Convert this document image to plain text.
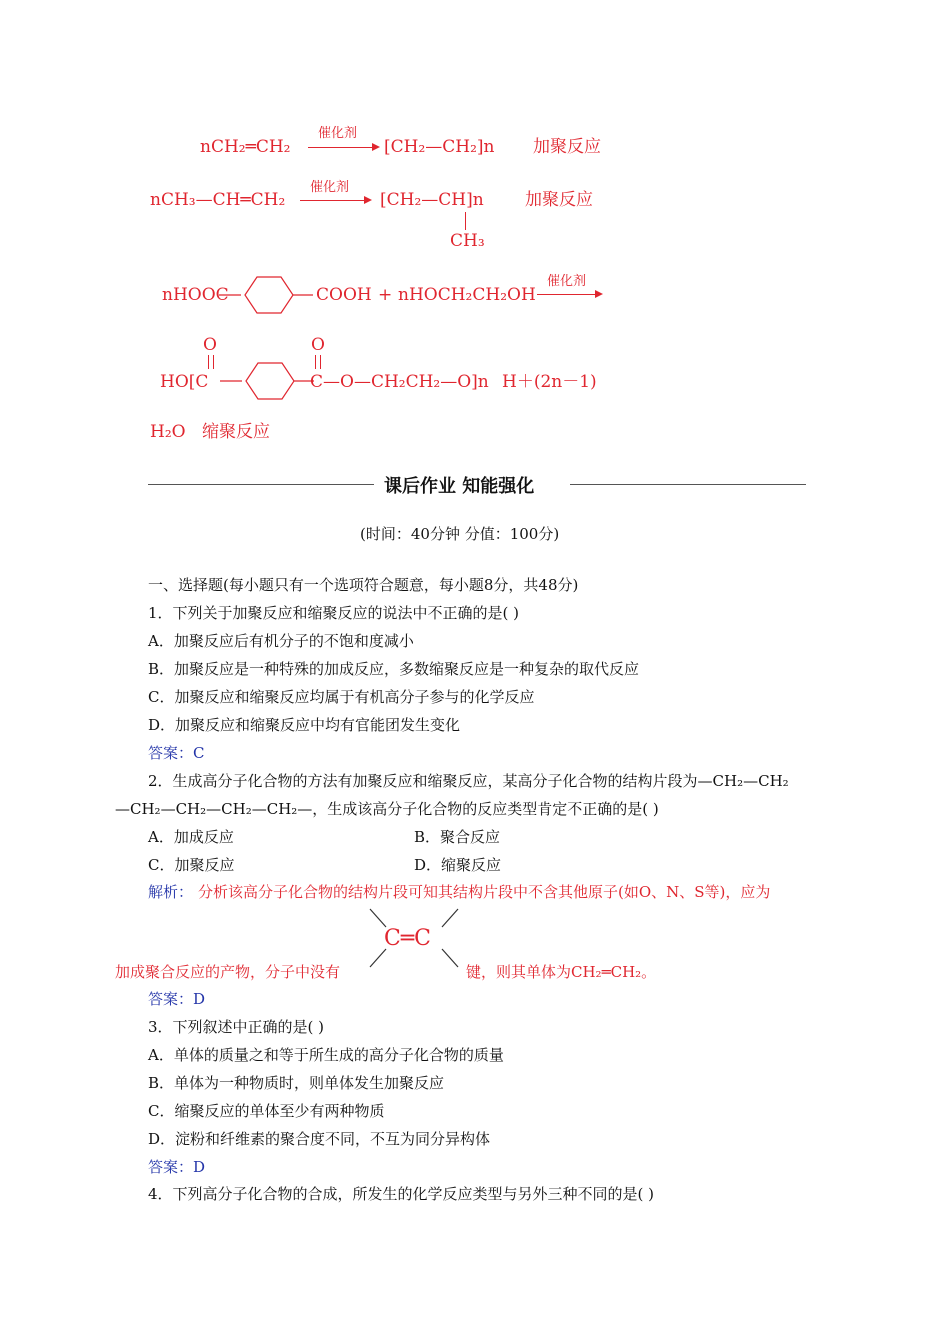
nCH₂═CH₂
催化剂
[CH₂—CH₂]n 加聚反应
nCH₃—CH═CH₂
催化剂
[CH₂—CH]n
CH₃
加聚反应
nHOOC	COOH + nHOCH₂CH₂OH
催化剂
O
HO[C
O
C—O—CH₂CH₂—O]n H＋(2n－1)
H₂O 缩聚反应
课后作业 知能强化
(时间：40分钟 分值：100分)
一、选择题(每小题只有一个选项符合题意，每小题8分，共48分)
1．下列关于加聚反应和缩聚反应的说法中不正确的是( )
A．加聚反应后有机分子的不饱和度减小
B．加聚反应是一种特殊的加成反应，多数缩聚反应是一种复杂的取代反应
C．加聚反应和缩聚反应均属于有机高分子参与的化学反应
D．加聚反应和缩聚反应中均有官能团发生变化
答案：C
2．生成高分子化合物的方法有加聚反应和缩聚反应，某高分子化合物的结构片段为—CH₂—CH₂
—CH₂—CH₂—CH₂—CH₂—，生成该高分子化合物的反应类型肯定不正确的是( )
A．加成反应	B．聚合反应
C．加聚反应	D．缩聚反应
解析： 分析该高分子化合物的结构片段可知其结构片段中不含其他原子(如O、N、S等)，应为
加成聚合反应的产物，分子中没有
C═C
键，则其单体为CH₂═CH₂。
答案：D
3．下列叙述中正确的是( )
A．单体的质量之和等于所生成的高分子化合物的质量
B．单体为一种物质时，则单体发生加聚反应
C．缩聚反应的单体至少有两种物质
D．淀粉和纤维素的聚合度不同，不互为同分异构体
答案：D
4．下列高分子化合物的合成，所发生的化学反应类型与另外三种不同的是( )
